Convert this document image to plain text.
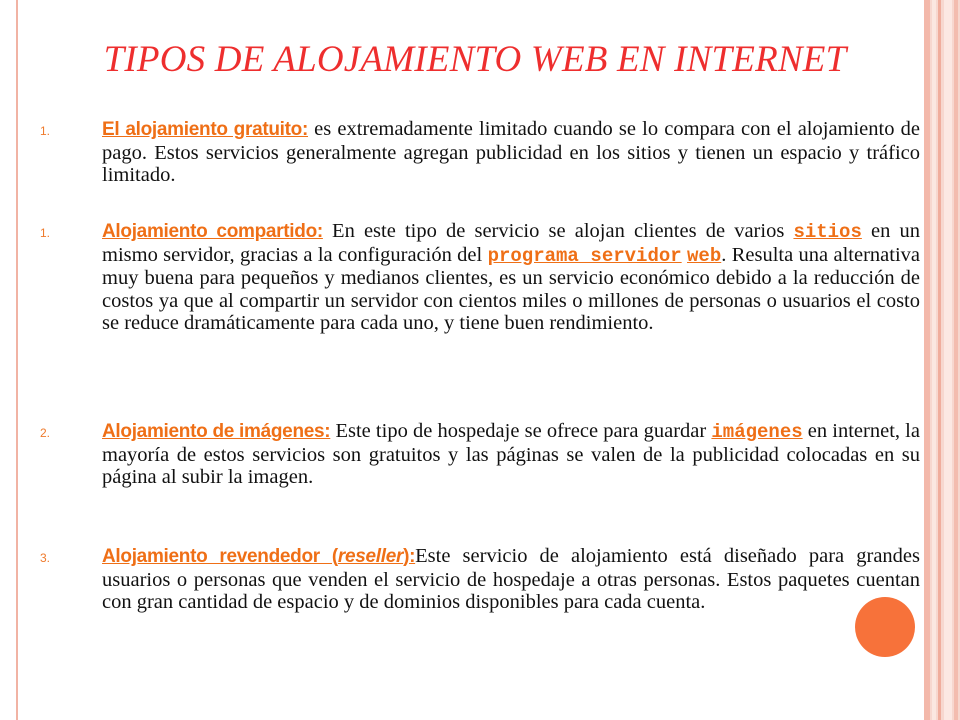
TIPOS DE ALOJAMIENTO WEB EN INTERNET
1.	El alojamiento gratuito: es extremadamente limitado cuando se lo compara con el alojamiento de pago. Estos servicios generalmente agregan publicidad en los sitios y tienen un espacio y tráfico limitado.
1.	Alojamiento compartido: En este tipo de servicio se alojan clientes de varios sitios en un mismo servidor, gracias a la configuración del programa servidor web. Resulta una alternativa muy buena para pequeños y medianos clientes, es un servicio económico debido a la reducción de costos ya que al compartir un servidor con cientos miles o millones de personas o usuarios el costo se reduce dramáticamente para cada uno, y tiene buen rendimiento.
2.	Alojamiento de imágenes: Este tipo de hospedaje se ofrece para guardar imágenes en internet, la mayoría de estos servicios son gratuitos y las páginas se valen de la publicidad colocadas en su página al subir la imagen.
3.	Alojamiento revendedor (reseller):Este servicio de alojamiento está diseñado para grandes usuarios o personas que venden el servicio de hospedaje a otras personas. Estos paquetes cuentan con gran cantidad de espacio y de dominios disponibles para cada cuenta.
